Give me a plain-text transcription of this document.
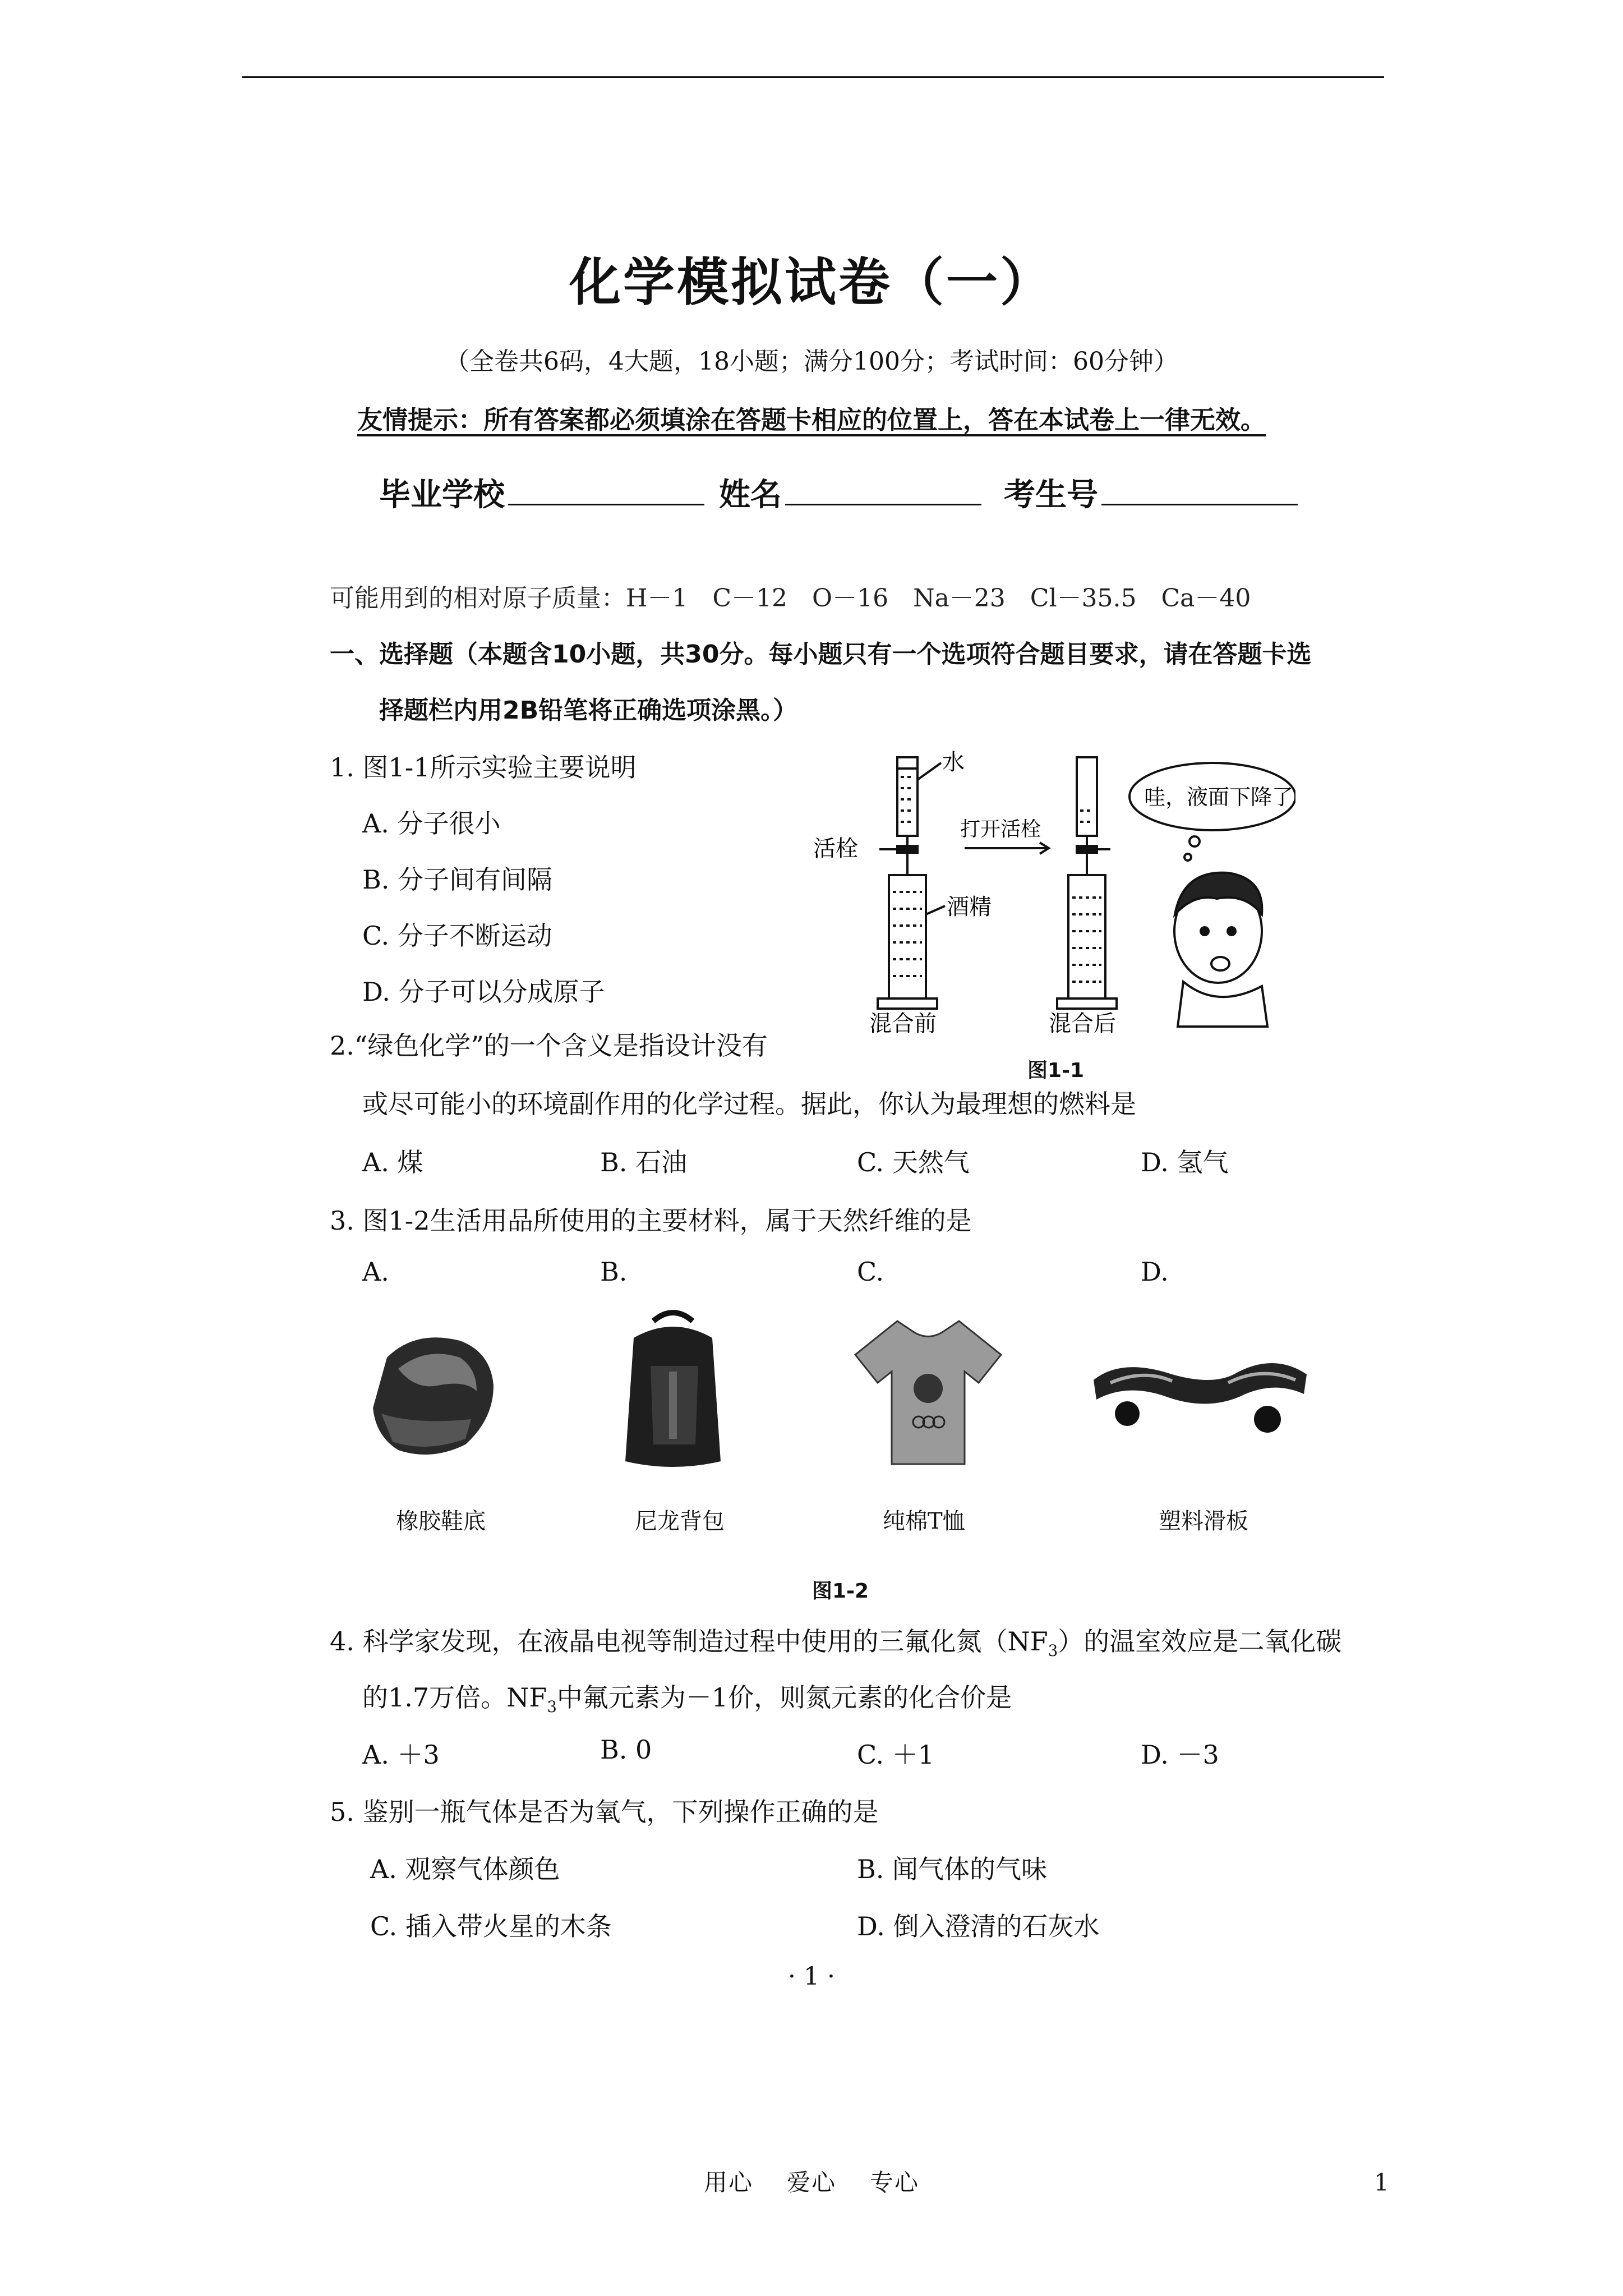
化学模拟试卷（一）
（全卷共6码，4大题，18小题；满分100分；考试时间：60分钟）
友情提示：所有答案都必须填涂在答题卡相应的位置上，答在本试卷上一律无效。
毕业学校	姓名	考生号
可能用到的相对原子质量：H－1　C－12　O－16　Na－23　Cl－35.5　Ca－40
一、选择题（本题含10小题，共30分。每小题只有一个选项符合题目要求，请在答题卡选
择题栏内用2B铅笔将正确选项涂黑。）
1. 图1-1所示实验主要说明
A. 分子很小
B. 分子间有间隔
C. 分子不断运动
D. 分子可以分成原子
水
活栓
打开活栓
酒精
混合前	混合后
哇，液面下降了!
图1-1
2.“绿色化学”的一个含义是指设计没有
或尽可能小的环境副作用的化学过程。据此，你认为最理想的燃料是
A. 煤	B. 石油	C. 天然气	D. 氢气
3. 图1-2生活用品所使用的主要材料，属于天然纤维的是
A.	B.	C.	D.
橡胶鞋底	尼龙背包	纯棉T恤	塑料滑板
图1-2
4. 科学家发现，在液晶电视等制造过程中使用的三氟化氮$(NF_3)$的温室效应是二氧化碳
的1.7万倍。$NF_3$中氟元素为－1价，则氮元素的化合价是
A. ＋3	B. 0	C. ＋1	D. －3
5. 鉴别一瓶气体是否为氧气，下列操作正确的是
A. 观察气体颜色	B. 闻气体的气味
C. 插入带火星的木条	D. 倒入澄清的石灰水
· 1 ·
用心 爱心 专心	1
